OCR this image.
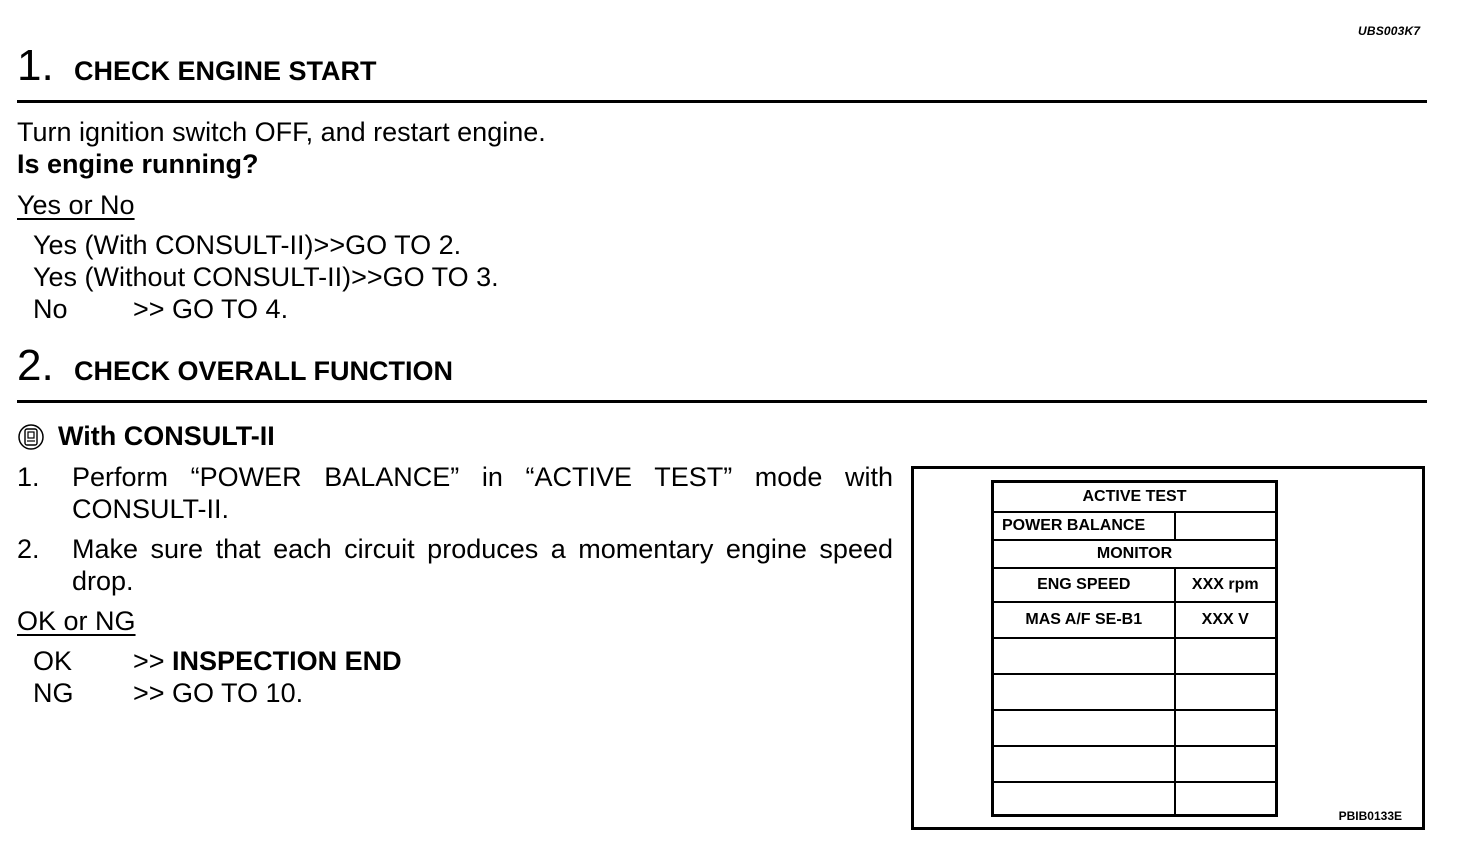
UBS003K7
1. CHECK ENGINE START
Turn ignition switch OFF, and restart engine.
Is engine running?
Yes or No
Yes (With CONSULT-II)>>GO TO 2.
Yes (Without CONSULT-II)>>GO TO 3.
No >> GO TO 4.
2. CHECK OVERALL FUNCTION
With CONSULT-II
1. Perform “POWER BALANCE” in “ACTIVE TEST” mode with CONSULT-II.
2. Make sure that each circuit produces a momentary engine speed drop.
OK or NG
OK >> INSPECTION END
NG >> GO TO 10.
ACTIVE TEST	
POWER BALANCE	
MONITOR	
ENG SPEED	XXX rpm
MAS A/F SE-B1	XXX V

PBIB0133E
